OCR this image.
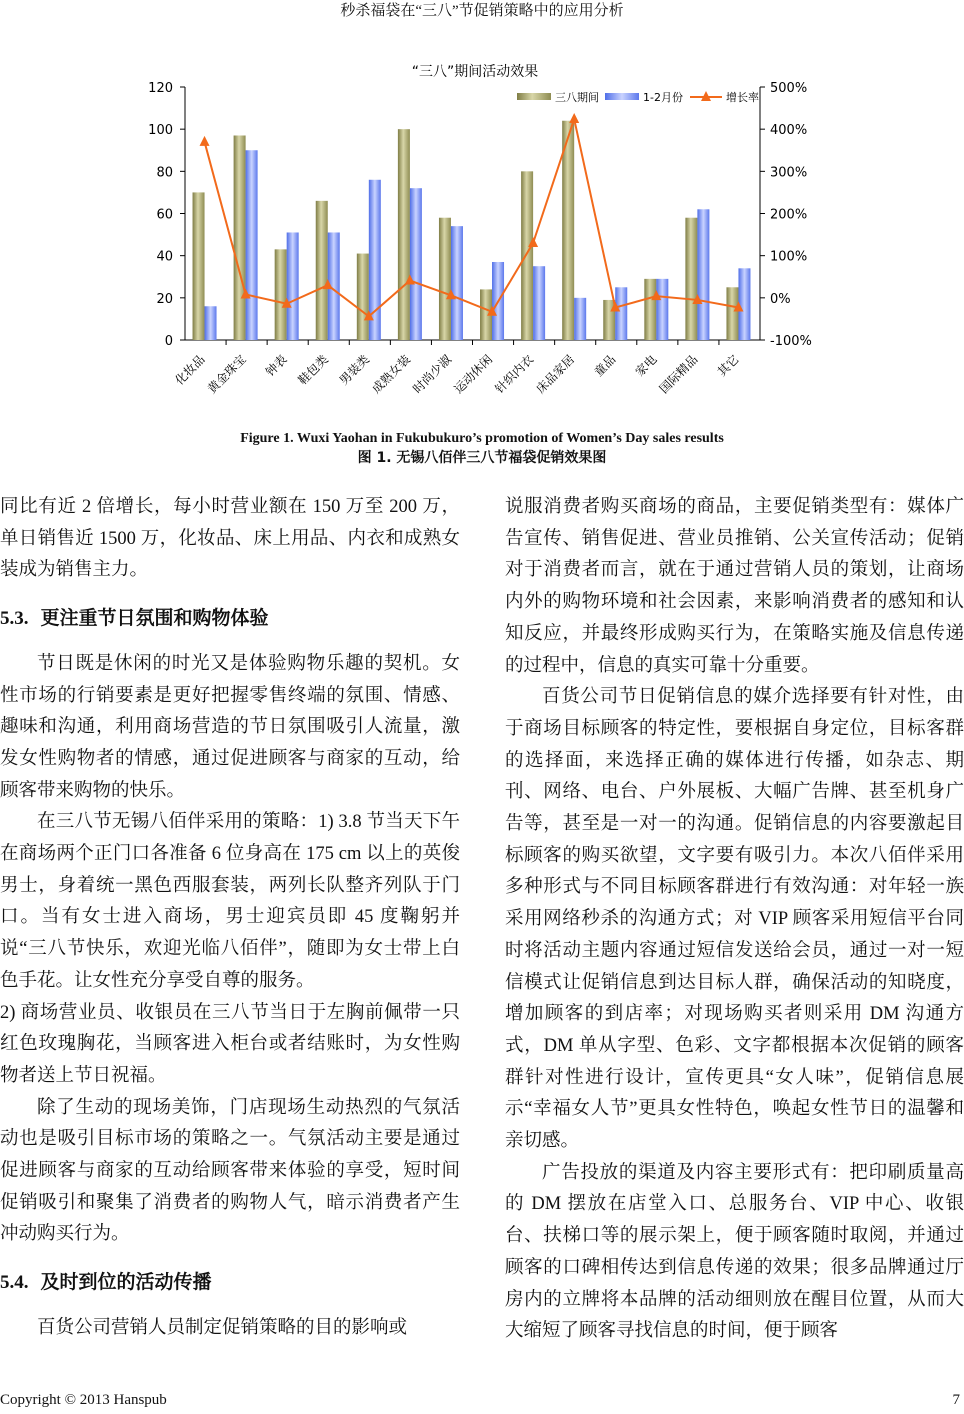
秒杀福袋在“三八”节促销策略中的应用分析
“三八”期间活动效果
0
20
40
60
80
100
120
-100%
0%
100%
200%
300%
400%
500%
化妆品
黄金珠宝 钟表 鞋包类 男装类
成熟女装
时尚少淑
运动休闲
针织内衣
床品家居 童品 家电
国际精品 其它
三八期间	1-2月份	增长率
Figure 1. Wuxi Yaohan in Fukubukuro’s promotion of Women’s Day sales results
图 1. 无锡八佰伴三八节福袋促销效果图

同比有近 2 倍增长，每小时营业额在 150 万至 200 万，单日销售近 1500 万，化妆品、床上用品、内衣和成熟女装成为销售主力。

5.3. 更注重节日氛围和购物体验

节日既是休闲的时光又是体验购物乐趣的契机。女性市场的行销要素是更好把握零售终端的氛围、情感、趣味和沟通，利用商场营造的节日氛围吸引人流量，激发女性购物者的情感，通过促进顾客与商家的互动，给顾客带来购物的快乐。

在三八节无锡八佰伴采用的策略：1) 3.8 节当天下午在商场两个正门口各准备 6 位身高在 175 cm 以上的英俊男士，身着统一黑色西服套装，两列长队整齐列队于门口。当有女士进入商场，男士迎宾员即 45 度鞠躬并说“三八节快乐，欢迎光临八佰伴”，随即为女士带上白色手花。让女性充分享受自尊的服务。

2) 商场营业员、收银员在三八节当日于左胸前佩带一只红色玫瑰胸花，当顾客进入柜台或者结账时，为女性购物者送上节日祝福。

除了生动的现场美饰，门店现场生动热烈的气氛活动也是吸引目标市场的策略之一。气氛活动主要是通过促进顾客与商家的互动给顾客带来体验的享受，短时间促销吸引和聚集了消费者的购物人气，暗示消费者产生冲动购买行为。

5.4. 及时到位的活动传播

百货公司营销人员制定促销策略的目的影响或

说服消费者购买商场的商品，主要促销类型有：媒体广告宣传、销售促进、营业员推销、公关宣传活动；促销对于消费者而言，就在于通过营销人员的策划，让商场内外的购物环境和社会因素，来影响消费者的感知和认知反应，并最终形成购买行为，在策略实施及信息传递的过程中，信息的真实可靠十分重要。

百货公司节日促销信息的媒介选择要有针对性，由于商场目标顾客的特定性，要根据自身定位，目标客群的选择面，来选择正确的媒体进行传播，如杂志、期刊、网络、电台、户外展板、大幅广告牌、甚至机身广告等，甚至是一对一的沟通。促销信息的内容要激起目标顾客的购买欲望，文字要有吸引力。本次八佰伴采用多种形式与不同目标顾客群进行有效沟通：对年轻一族采用网络秒杀的沟通方式；对 VIP 顾客采用短信平台同时将活动主题内容通过短信发送给会员，通过一对一短信模式让促销信息到达目标人群，确保活动的知晓度，增加顾客的到店率；对现场购买者则采用 DM 沟通方式，DM 单从字型、色彩、文字都根据本次促销的顾客群针对性进行设计，宣传更具“女人味”，促销信息展示“幸福女人节”更具女性特色，唤起女性节日的温馨和亲切感。

广告投放的渠道及内容主要形式有：把印刷质量高的 DM 摆放在店堂入口、总服务台、VIP 中心、收银台、扶梯口等的展示架上，便于顾客随时取阅，并通过顾客的口碑相传达到信息传递的效果；很多品牌通过厅房内的立牌将本品牌的活动细则放在醒目位置，从而大大缩短了顾客寻找信息的时间，便于顾客

Copyright © 2013 Hanspub	7
